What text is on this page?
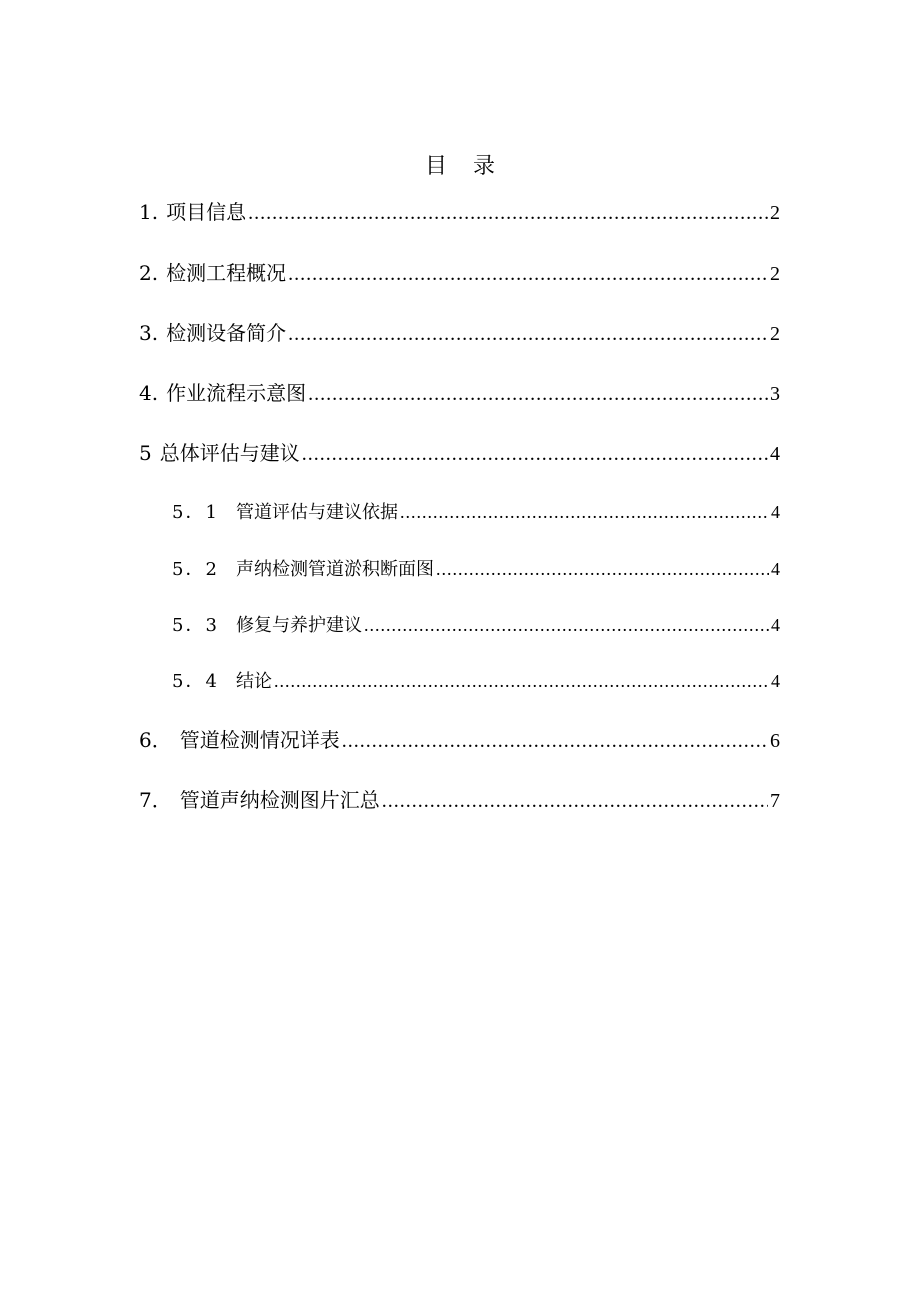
目 录
1. 项目信息 .....	2
2. 检测工程概况 .....	2
3. 检测设备简介 .....	2
4. 作业流程示意图 .....	3
5 总体评估与建议 .....	4
5．1 管道评估与建议依据 .....	4
5．2 声纳检测管道淤积断面图 .....	4
5．3 修复与养护建议 .....	4
5．4 结论 .....	4
6． 管道检测情况详表 .....	6
7． 管道声纳检测图片汇总 .....	7
